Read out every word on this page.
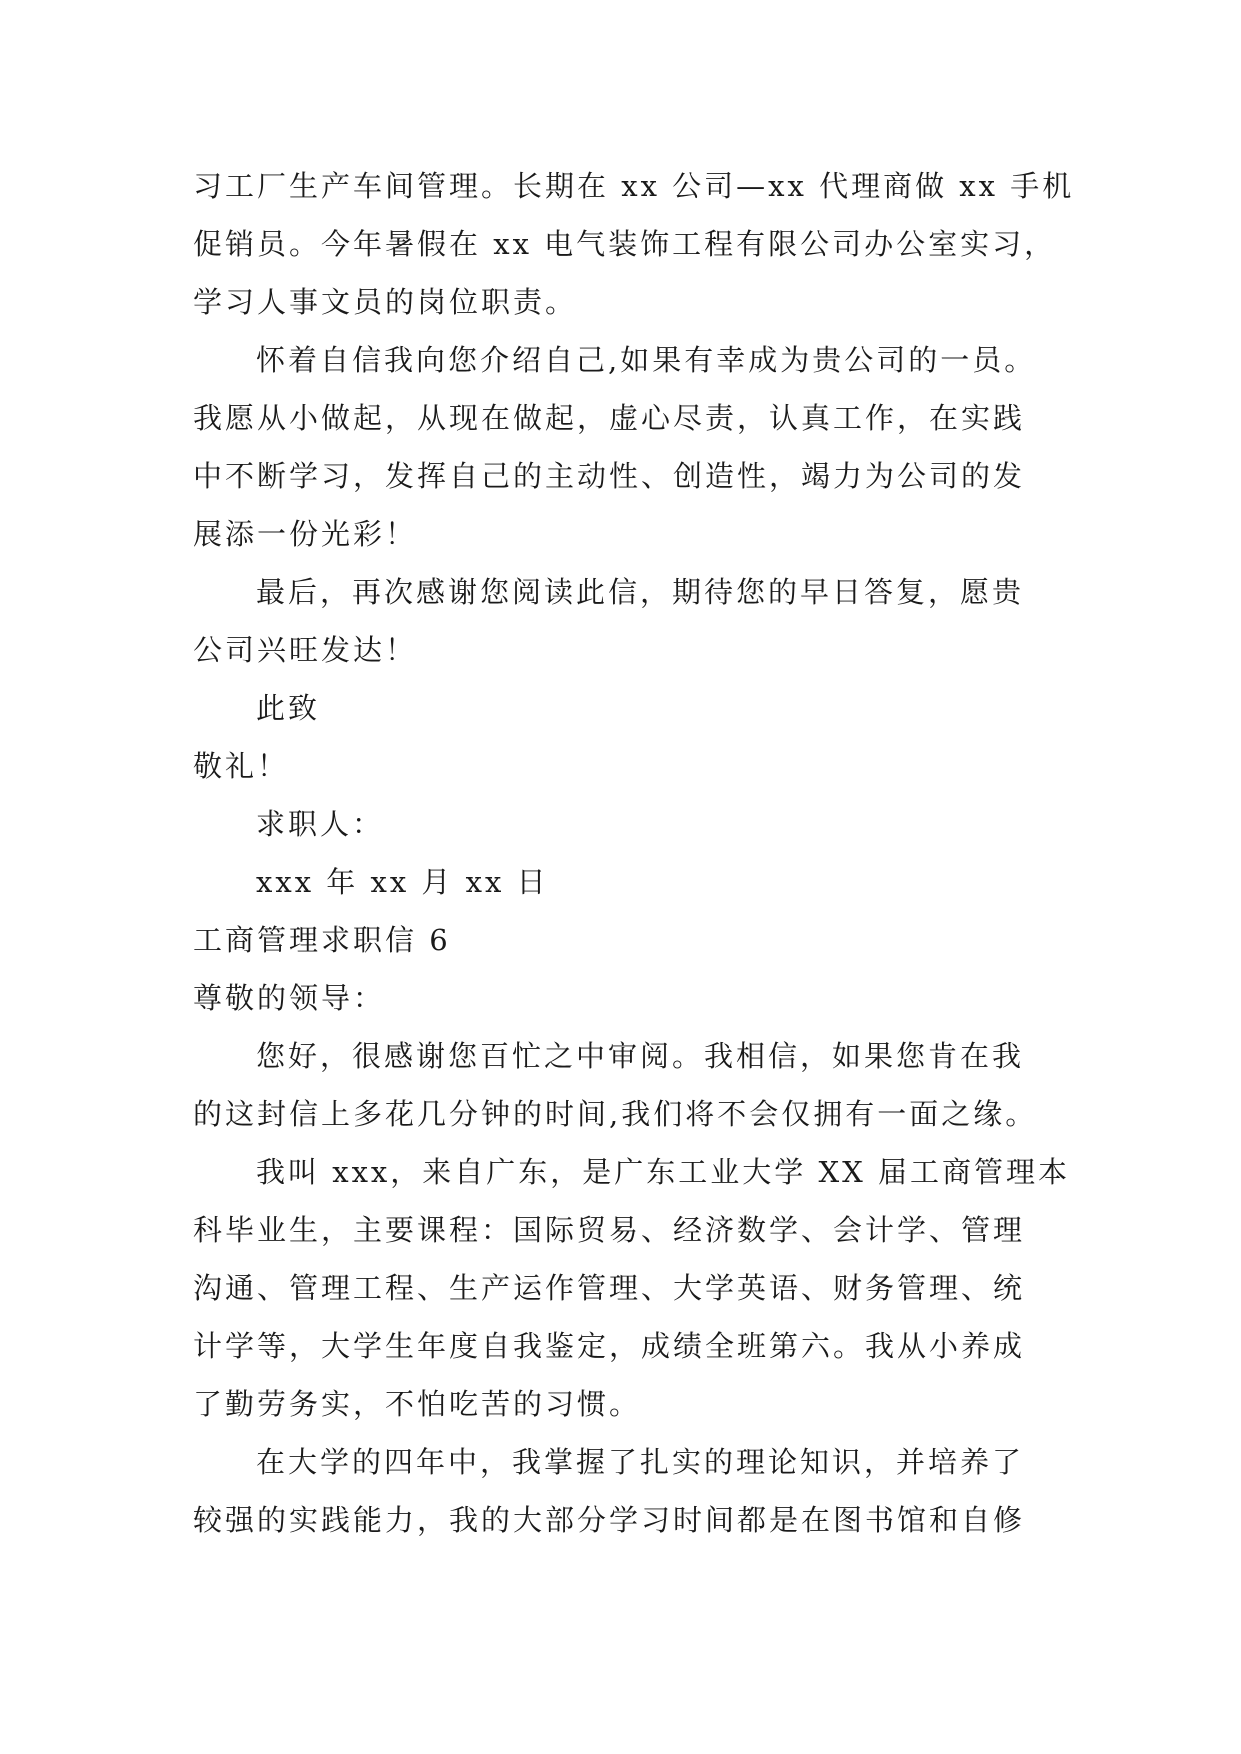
习工厂生产车间管理。长期在 xx 公司—xx 代理商做 xx 手机
促销员。今年暑假在 xx 电气装饰工程有限公司办公室实习，
学习人事文员的岗位职责。
怀着自信我向您介绍自己,如果有幸成为贵公司的一员。
我愿从小做起，从现在做起，虚心尽责，认真工作，在实践
中不断学习，发挥自己的主动性、创造性，竭力为公司的发
展添一份光彩！
最后，再次感谢您阅读此信，期待您的早日答复，愿贵
公司兴旺发达！
此致
敬礼！
求职人：
xxx 年 xx 月 xx 日
工商管理求职信 6
尊敬的领导：
您好，很感谢您百忙之中审阅。我相信，如果您肯在我
的这封信上多花几分钟的时间,我们将不会仅拥有一面之缘。
我叫 xxx，来自广东，是广东工业大学 XX 届工商管理本
科毕业生，主要课程：国际贸易、经济数学、会计学、管理
沟通、管理工程、生产运作管理、大学英语、财务管理、统
计学等，大学生年度自我鉴定，成绩全班第六。我从小养成
了勤劳务实，不怕吃苦的习惯。
在大学的四年中，我掌握了扎实的理论知识，并培养了
较强的实践能力，我的大部分学习时间都是在图书馆和自修
